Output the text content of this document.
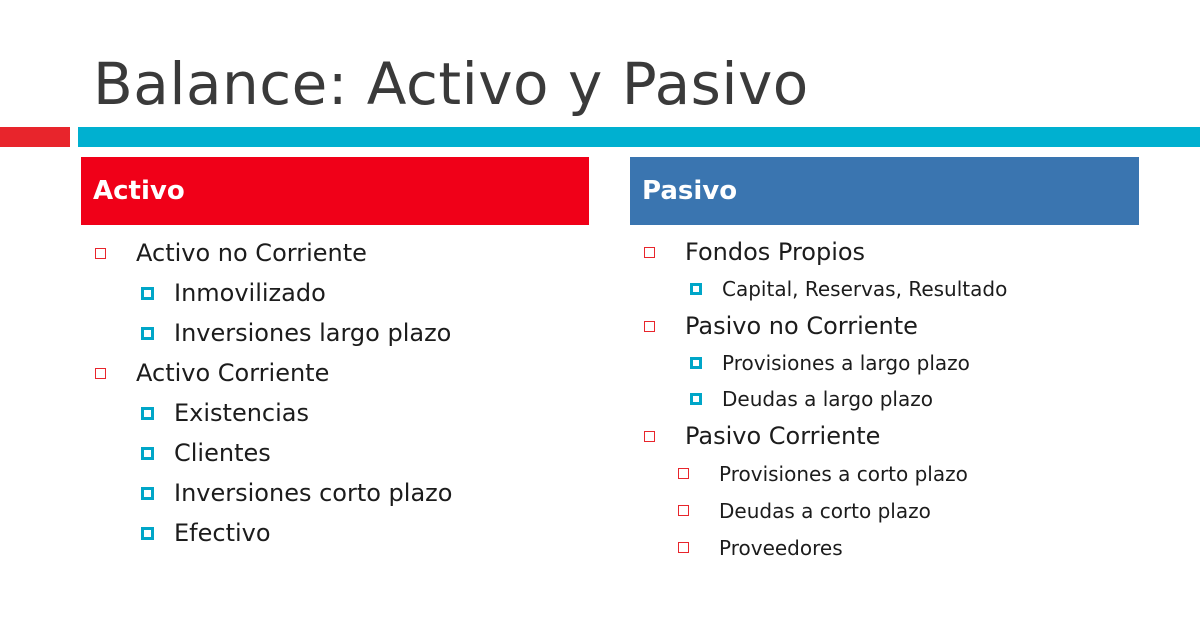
Balance: Activo y Pasivo
Activo	Pasivo
Activo no Corriente
Inmovilizado
Inversiones largo plazo
Activo Corriente
Existencias
Clientes
Inversiones corto plazo
Efectivo
Fondos Propios
Capital, Reservas, Resultado
Pasivo no Corriente
Provisiones a largo plazo
Deudas a largo plazo
Pasivo Corriente
Provisiones a corto plazo
Deudas a corto plazo
Proveedores
